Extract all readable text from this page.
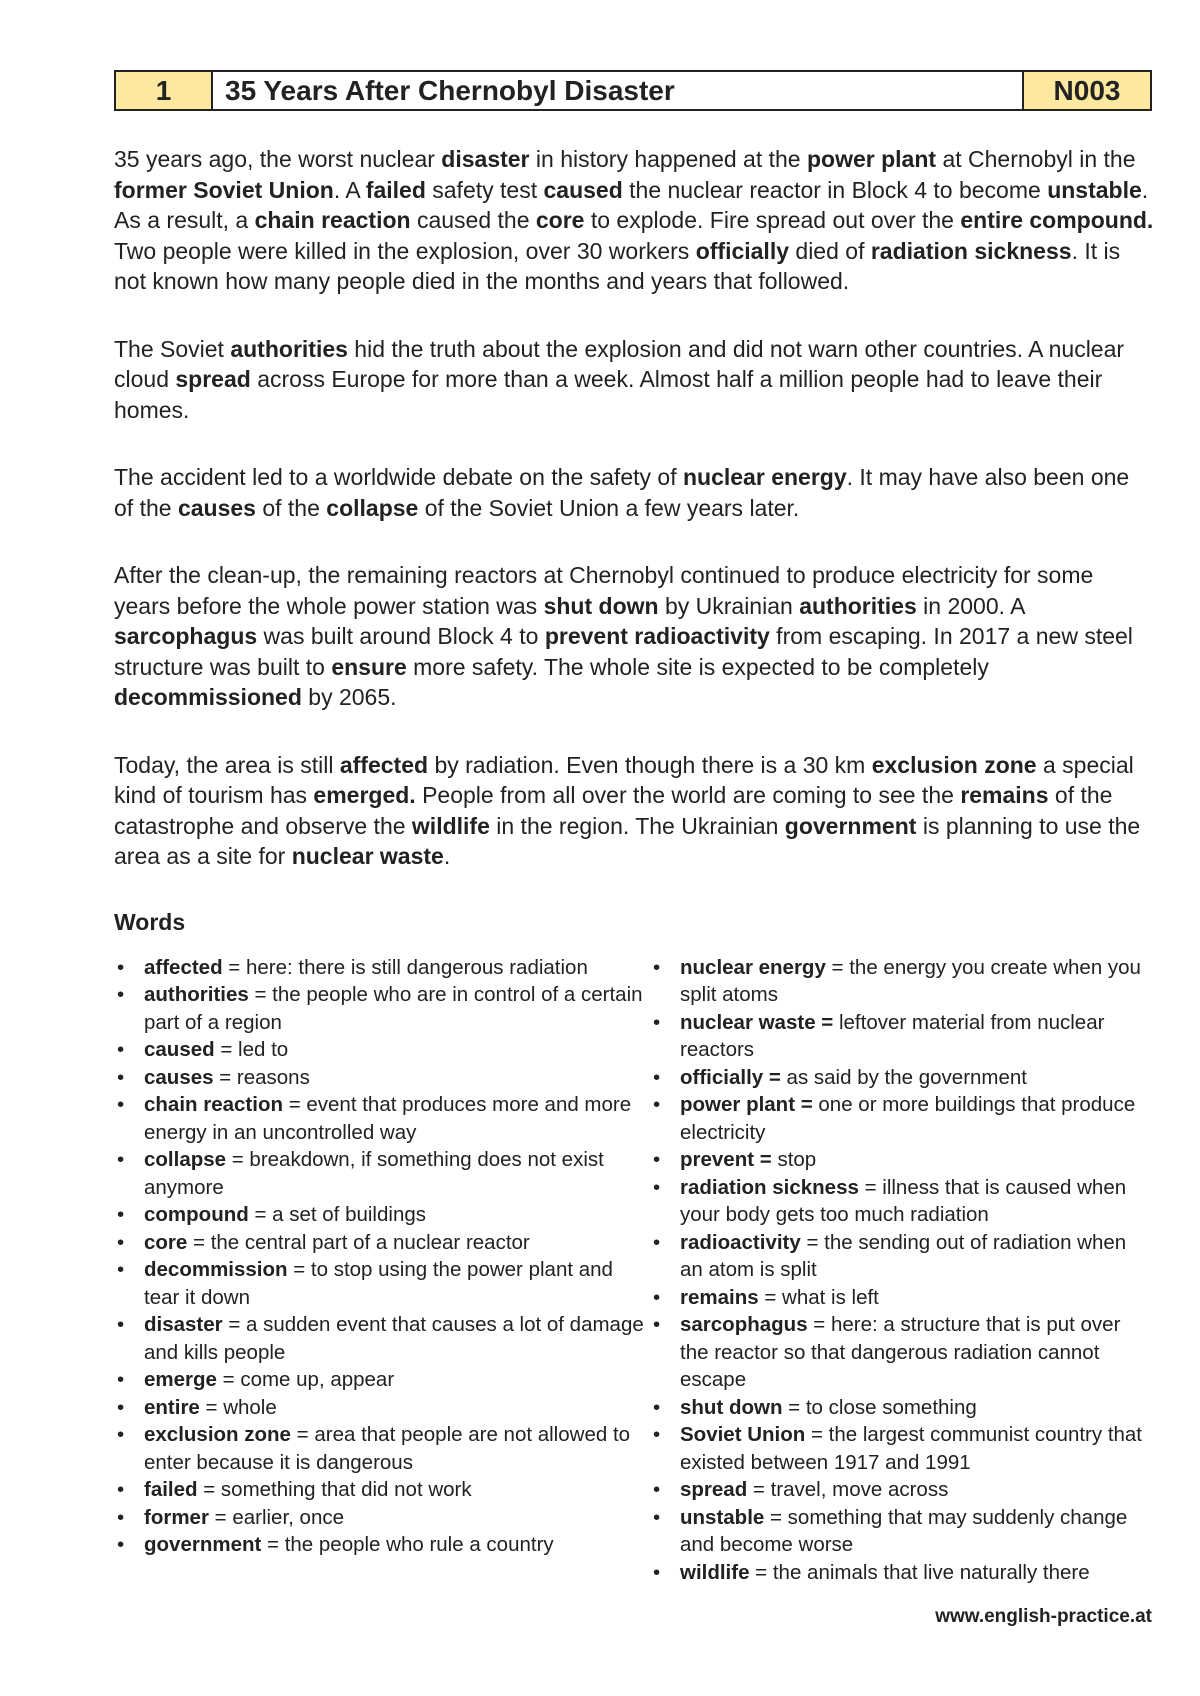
1	35 Years After Chernobyl Disaster	N003

35 years ago, the worst nuclear disaster in history happened at the power plant at Chernobyl in the former Soviet Union. A failed safety test caused the nuclear reactor in Block 4 to become unstable. As a result, a chain reaction caused the core to explode. Fire spread out over the entire compound. Two people were killed in the explosion, over 30 workers officially died of radiation sickness. It is not known how many people died in the months and years that followed.

The Soviet authorities hid the truth about the explosion and did not warn other countries. A nuclear cloud spread across Europe for more than a week. Almost half a million people had to leave their homes.

The accident led to a worldwide debate on the safety of nuclear energy. It may have also been one of the causes of the collapse of the Soviet Union a few years later.

After the clean-up, the remaining reactors at Chernobyl continued to produce electricity for some years before the whole power station was shut down by Ukrainian authorities in 2000. A sarcophagus was built around Block 4 to prevent radioactivity from escaping. In 2017 a new steel structure was built to ensure more safety. The whole site is expected to be completely decommissioned by 2065.

Today, the area is still affected by radiation. Even though there is a 30 km exclusion zone a special kind of tourism has emerged. People from all over the world are coming to see the remains of the catastrophe and observe the wildlife in the region. The Ukrainian government is planning to use the area as a site for nuclear waste.

Words
• affected = here: there is still dangerous radiation
• authorities = the people who are in control of a certain part of a region
• caused = led to
• causes = reasons
• chain reaction = event that produces more and more energy in an uncontrolled way
• collapse = breakdown, if something does not exist anymore
• compound = a set of buildings
• core = the central part of a nuclear reactor
• decommission = to stop using the power plant and tear it down
• disaster = a sudden event that causes a lot of damage and kills people
• emerge = come up, appear
• entire = whole
• exclusion zone = area that people are not allowed to enter because it is dangerous
• failed = something that did not work
• former = earlier, once
• government = the people who rule a country
• nuclear energy = the energy you create when you split atoms
• nuclear waste = leftover material from nuclear reactors
• officially = as said by the government
• power plant = one or more buildings that produce electricity
• prevent = stop
• radiation sickness = illness that is caused when your body gets too much radiation
• radioactivity = the sending out of radiation when an atom is split
• remains = what is left
• sarcophagus = here: a structure that is put over the reactor so that dangerous radiation cannot escape
• shut down = to close something
• Soviet Union = the largest communist country that existed between 1917 and 1991
• spread = travel, move across
• unstable = something that may suddenly change and become worse
• wildlife = the animals that live naturally there
www.english-practice.at
